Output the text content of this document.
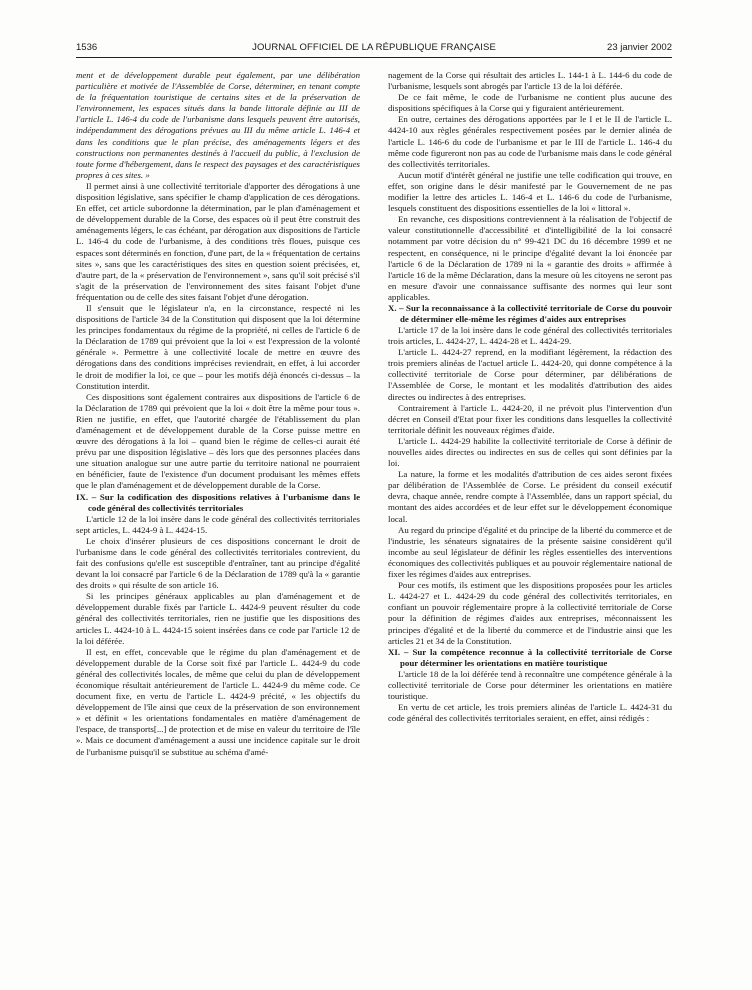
JOURNAL OFFICIEL DE LA RÉPUBLIQUE FRANÇAISE
1536	23 janvier 2002

ment et de développement durable peut également, par une délibération particulière et motivée de l'Assemblée de Corse, déterminer, en tenant compte de la fréquentation touristique de certains sites et de la préservation de l'environnement, les espaces situés dans la bande littorale définie au III de l'article L. 146-4 du code de l'urbanisme dans lesquels peuvent être autorisés, indépendamment des dérogations prévues au III du même article L. 146-4 et dans les conditions que le plan précise, des aménagements légers et des constructions non permanentes destinés à l'accueil du public, à l'exclusion de toute forme d'hébergement, dans le respect des paysages et des caractéristiques propres à ces sites. »

Il permet ainsi à une collectivité territoriale d'apporter des dérogations à une disposition législative, sans spécifier le champ d'application de ces dérogations. En effet, cet article subordonne la détermination, par le plan d'aménagement et de développement durable de la Corse, des espaces où il peut être construit des aménagements légers, le cas échéant, par dérogation aux dispositions de l'article L. 146-4 du code de l'urbanisme, à des conditions très floues, puisque ces espaces sont déterminés en fonction, d'une part, de la « fréquentation de certains sites », sans que les caractéristiques des sites en question soient précisées, et, d'autre part, de la « préservation de l'environnement », sans qu'il soit précisé s'il s'agit de la préservation de l'environnement des sites faisant l'objet d'une fréquentation ou de celle des sites faisant l'objet d'une dérogation.

Il s'ensuit que le législateur n'a, en la circonstance, respecté ni les dispositions de l'article 34 de la Constitution qui disposent que la loi détermine les principes fondamentaux du régime de la propriété, ni celles de l'article 6 de la Déclaration de 1789 qui prévoient que la loi « est l'expression de la volonté générale ». Permettre à une collectivité locale de mettre en œuvre des dérogations dans des conditions imprécises reviendrait, en effet, à lui accorder le droit de modifier la loi, ce que – pour les motifs déjà énoncés ci-dessus – la Constitution interdit.

Ces dispositions sont également contraires aux dispositions de l'article 6 de la Déclaration de 1789 qui prévoient que la loi « doit être la même pour tous ». Rien ne justifie, en effet, que l'autorité chargée de l'établissement du plan d'aménagement et de développement durable de la Corse puisse mettre en œuvre des dérogations à la loi – quand bien le régime de celles-ci aurait été prévu par une disposition législative – dès lors que des personnes placées dans une situation analogue sur une autre partie du territoire national ne pourraient en bénéficier, faute de l'existence d'un document produisant les mêmes effets que le plan d'aménagement et de développement durable de la Corse.

IX. – Sur la codification des dispositions relatives à l'urbanisme dans le code général des collectivités territoriales

L'article 12 de la loi insère dans le code général des collectivités territoriales sept articles, L. 4424-9 à L. 4424-15.

Le choix d'insérer plusieurs de ces dispositions concernant le droit de l'urbanisme dans le code général des collectivités territoriales contrevient, du fait des confusions qu'elle est susceptible d'entraîner, tant au principe d'égalité devant la loi consacré par l'article 6 de la Déclaration de 1789 qu'à la « garantie des droits » qui résulte de son article 16.

Si les principes généraux applicables au plan d'aménagement et de développement durable fixés par l'article L. 4424-9 peuvent résulter du code général des collectivités territoriales, rien ne justifie que les dispositions des articles L. 4424-10 à L. 4424-15 soient insérées dans ce code par l'article 12 de la loi déférée.

Il est, en effet, concevable que le régime du plan d'aménagement et de développement durable de la Corse soit fixé par l'article L. 4424-9 du code général des collectivités locales, de même que celui du plan de développement économique résultait antérieurement de l'article L. 4424-9 du même code. Ce document fixe, en vertu de l'article L. 4424-9 précité, « les objectifs du développement de l'île ainsi que ceux de la préservation de son environnement » et définit « les orientations fondamentales en matière d'aménagement de l'espace, de transports[...] de protection et de mise en valeur du territoire de l'île ». Mais ce document d'aménagement a aussi une incidence capitale sur le droit de l'urbanisme puisqu'il se substitue au schéma d'amé-

nagement de la Corse qui résultait des articles L. 144-1 à L. 144-6 du code de l'urbanisme, lesquels sont abrogés par l'article 13 de la loi déférée.

De ce fait même, le code de l'urbanisme ne contient plus aucune des dispositions spécifiques à la Corse qui y figuraient antérieurement.

En outre, certaines des dérogations apportées par le I et le II de l'article L. 4424-10 aux règles générales respectivement posées par le dernier alinéa de l'article L. 146-6 du code de l'urbanisme et par le III de l'article L. 146-4 du même code figureront non pas au code de l'urbanisme mais dans le code général des collectivités territoriales.

Aucun motif d'intérêt général ne justifie une telle codification qui trouve, en effet, son origine dans le désir manifesté par le Gouvernement de ne pas modifier la lettre des articles L. 146-4 et L. 146-6 du code de l'urbanisme, lesquels constituent des dispositions essentielles de la loi « littoral ».

En revanche, ces dispositions contreviennent à la réalisation de l'objectif de valeur constitutionnelle d'accessibilité et d'intelligibilité de la loi consacré notamment par votre décision du n° 99-421 DC du 16 décembre 1999 et ne respectent, en conséquence, ni le principe d'égalité devant la loi énoncée par l'article 6 de la Déclaration de 1789 ni la « garantie des droits » affirmée à l'article 16 de la même Déclaration, dans la mesure où les citoyens ne seront pas en mesure d'avoir une connaissance suffisante des normes qui leur sont applicables.

X. – Sur la reconnaissance à la collectivité territoriale de Corse du pouvoir de déterminer elle-même les régimes d'aides aux entreprises

L'article 17 de la loi insère dans le code général des collectivités territoriales trois articles, L. 4424-27, L. 4424-28 et L. 4424-29.

L'article L. 4424-27 reprend, en la modifiant légèrement, la rédaction des trois premiers alinéas de l'actuel article L. 4424-20, qui donne compétence à la collectivité territoriale de Corse pour déterminer, par délibérations de l'Assemblée de Corse, le montant et les modalités d'attribution des aides directes ou indirectes à des entreprises.

Contrairement à l'article L. 4424-20, il ne prévoit plus l'intervention d'un décret en Conseil d'Etat pour fixer les conditions dans lesquelles la collectivité territoriale définit les nouveaux régimes d'aide.

L'article L. 4424-29 habilite la collectivité territoriale de Corse à définir de nouvelles aides directes ou indirectes en sus de celles qui sont définies par la loi.

La nature, la forme et les modalités d'attribution de ces aides seront fixées par délibération de l'Assemblée de Corse. Le président du conseil exécutif devra, chaque année, rendre compte à l'Assemblée, dans un rapport spécial, du montant des aides accordées et de leur effet sur le développement économique local.

Au regard du principe d'égalité et du principe de la liberté du commerce et de l'industrie, les sénateurs signataires de la présente saisine considèrent qu'il incombe au seul législateur de définir les règles essentielles des interventions économiques des collectivités publiques et au pouvoir réglementaire national de fixer les régimes d'aides aux entreprises.

Pour ces motifs, ils estiment que les dispositions proposées pour les articles L. 4424-27 et L. 4424-29 du code général des collectivités territoriales, en confiant un pouvoir réglementaire propre à la collectivité territoriale de Corse pour la définition de régimes d'aides aux entreprises, méconnaissent les principes d'égalité et de la liberté du commerce et de l'industrie ainsi que les articles 21 et 34 de la Constitution.

XI. – Sur la compétence reconnue à la collectivité territoriale de Corse pour déterminer les orientations en matière touristique

L'article 18 de la loi déférée tend à reconnaître une compétence générale à la collectivité territoriale de Corse pour déterminer les orientations en matière touristique.

En vertu de cet article, les trois premiers alinéas de l'article L. 4424-31 du code général des collectivités territoriales seraient, en effet, ainsi rédigés :
